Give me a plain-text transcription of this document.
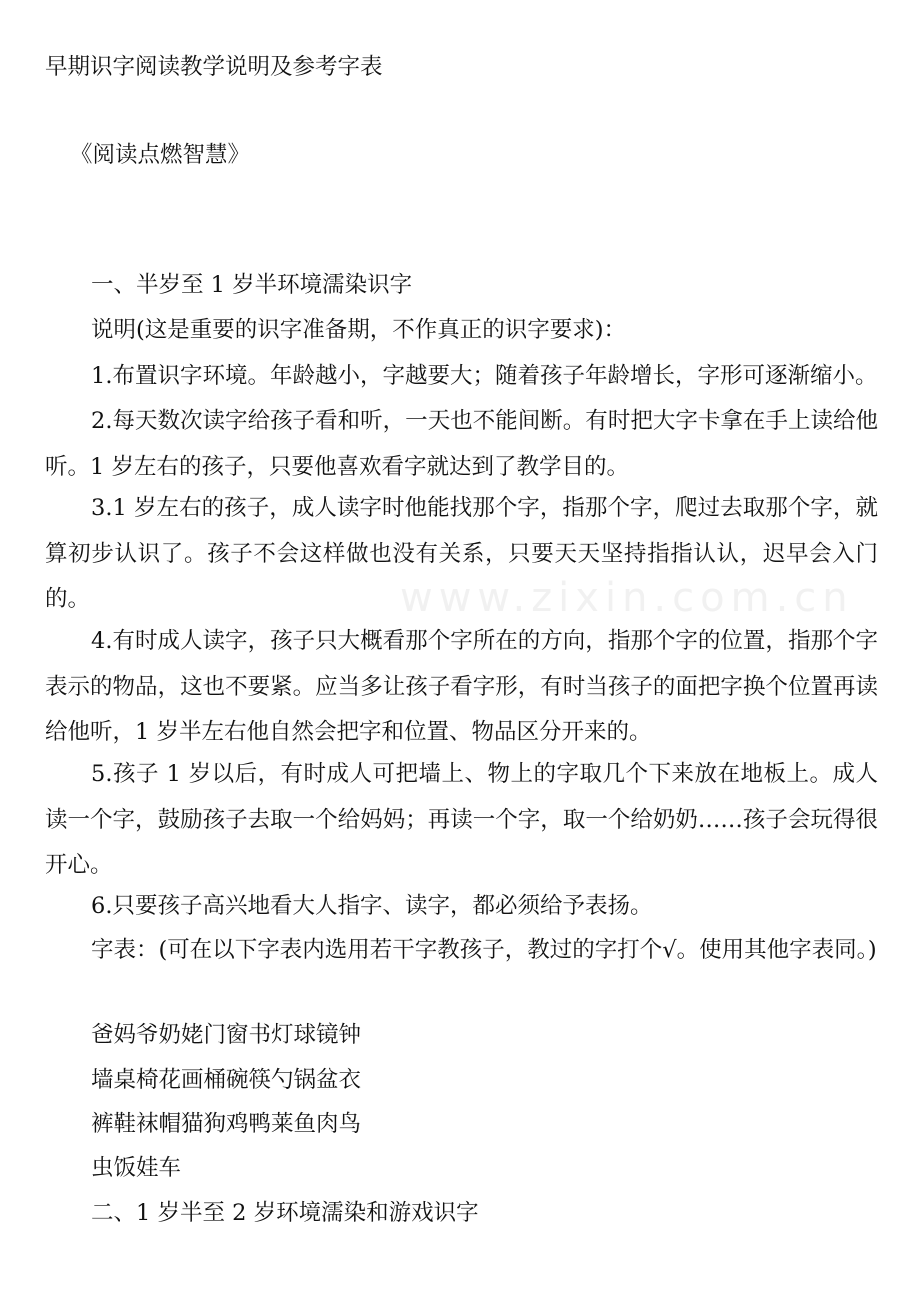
www.zixin.com.cn

早期识字阅读教学说明及参考字表

《阅读点燃智慧》

一、半岁至 1 岁半环境濡染识字

说明(这是重要的识字准备期，不作真正的识字要求)：

1.布置识字环境。年龄越小，字越要大；随着孩子年龄增长，字形可逐渐缩小。

2.每天数次读字给孩子看和听，一天也不能间断。有时把大字卡拿在手上读给他听。1 岁左右的孩子，只要他喜欢看字就达到了教学目的。

3.1 岁左右的孩子，成人读字时他能找那个字，指那个字，爬过去取那个字，就算初步认识了。孩子不会这样做也没有关系，只要天天坚持指指认认，迟早会入门的。

4.有时成人读字，孩子只大概看那个字所在的方向，指那个字的位置，指那个字表示的物品，这也不要紧。应当多让孩子看字形，有时当孩子的面把字换个位置再读给他听，1 岁半左右他自然会把字和位置、物品区分开来的。

5.孩子 1 岁以后，有时成人可把墙上、物上的字取几个下来放在地板上。成人读一个字，鼓励孩子去取一个给妈妈；再读一个字，取一个给奶奶……孩子会玩得很开心。

6.只要孩子高兴地看大人指字、读字，都必须给予表扬。

字表：(可在以下字表内选用若干字教孩子，教过的字打个√。使用其他字表同。)

爸妈爷奶姥门窗书灯球镜钟

墙桌椅花画桶碗筷勺锅盆衣

裤鞋袜帽猫狗鸡鸭莱鱼肉鸟

虫饭娃车

二、1 岁半至 2 岁环境濡染和游戏识字
